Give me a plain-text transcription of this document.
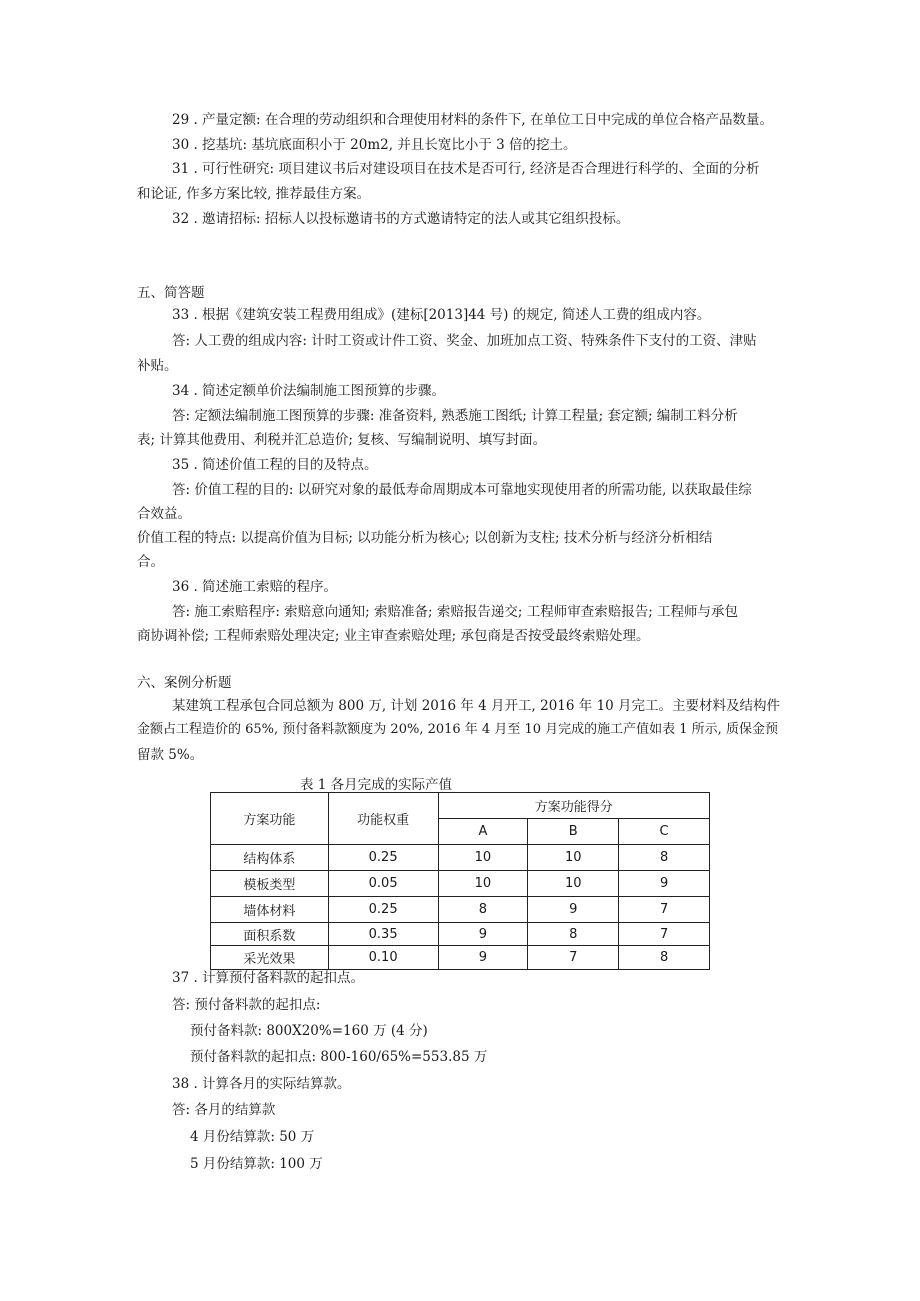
29 . 产量定额: 在合理的劳动组织和合理使用材料的条件下, 在单位工日中完成的单位合格产品数量。
30 . 挖基坑: 基坑底面积小于 20m2, 并且长宽比小于 3 倍的挖土。
31 . 可行性研究: 项目建议书后对建设项目在技术是否可行, 经济是否合理进行科学的、全面的分析
和论证, 作多方案比较, 推荐最佳方案。
32 . 邀请招标: 招标人以投标邀请书的方式邀请特定的法人或其它组织投标。
五、简答题
33 . 根据《建筑安装工程费用组成》(建标[2013]44 号) 的规定, 简述人工费的组成内容。
答: 人工费的组成内容: 计时工资或计件工资、奖金、加班加点工资、特殊条件下支付的工资、津贴
补贴。
34 . 简述定额单价法编制施工图预算的步骤。
答: 定额法编制施工图预算的步骤: 准备资料, 熟悉施工图纸; 计算工程量; 套定额; 编制工料分析
表; 计算其他费用、利税并汇总造价; 复核、写编制说明、填写封面。
35 . 简述价值工程的目的及特点。
答: 价值工程的目的: 以研究对象的最低寿命周期成本可靠地实现使用者的所需功能, 以获取最佳综
合效益。
价值工程的特点: 以提高价值为目标; 以功能分析为核心; 以创新为支柱; 技术分析与经济分析相结
合。
36 . 简述施工索赔的程序。
答: 施工索赔程序: 索赔意向通知; 索赔准备; 索赔报告递交; 工程师审查索赔报告; 工程师与承包
商协调补偿; 工程师索赔处理决定; 业主审查索赔处理; 承包商是否按受最终索赔处理。
六、案例分析题
某建筑工程承包合同总额为 800 万, 计划 2016 年 4 月开工, 2016 年 10 月完工。主要材料及结构件
金额占工程造价的 65%, 预付备料款额度为 20%, 2016 年 4 月至 10 月完成的施工产值如表 1 所示, 质保金预
留款 5%。
表 1 各月完成的实际产值
方案功能	功能权重	方案功能得分		
		A	B	C
结构体系	0.25	10	10	8
模板类型	0.05	10	10	9
墙体材料	0.25	8	9	7
面积系数	0.35	9	8	7
采光效果	0.10	9	7	8
37 . 计算预付备料款的起扣点。
答: 预付备料款的起扣点:
预付备料款: 800X20%=160 万 (4 分)
预付备料款的起扣点: 800-160/65%=553.85 万
38 . 计算各月的实际结算款。
答: 各月的结算款
4 月份结算款: 50 万
5 月份结算款: 100 万
